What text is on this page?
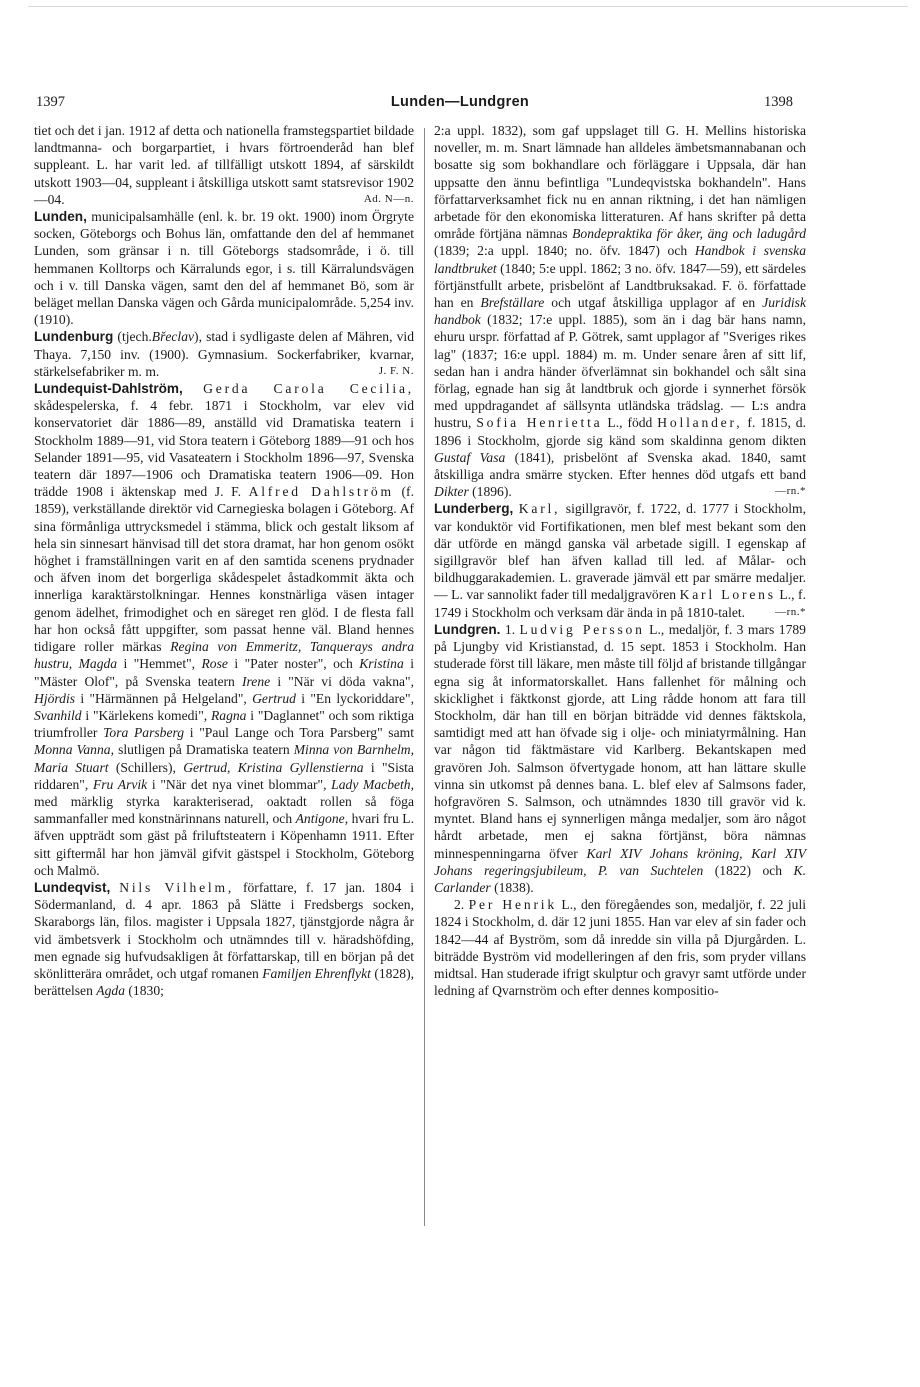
1397	Lunden—Lundgren	1398

tiet och det i jan. 1912 af detta och nationella framstegspartiet bildade landtmanna- och borgarpartiet, i hvars förtroenderåd han blef suppleant. L. har varit led. af tillfälligt utskott 1894, af särskildt utskott 1903—04, suppleant i åtskilliga utskott samt statsrevisor 1902—04.	Ad. N—n.

Lunden, municipalsamhälle (enl. k. br. 19 okt. 1900) inom Örgryte socken, Göteborgs och Bohus län, omfattande den del af hemmanet Lunden, som gränsar i n. till Göteborgs stadsområde, i ö. till hemmanen Kolltorps och Kärralunds egor, i s. till Kärralundsvägen och i v. till Danska vägen, samt den del af hemmanet Bö, som är beläget mellan Danska vägen och Gårda municipalområde. 5,254 inv. (1910).

Lundenburg (tjech.Břeclav), stad i sydligaste delen af Mähren, vid Thaya. 7,150 inv. (1900). Gymnasium. Sockerfabriker, kvarnar, stärkelsefabriker m. m.	J. F. N.

Lundequist-Dahlström, Gerda Carola Cecilia, skådespelerska, f. 4 febr. 1871 i Stockholm, var elev vid konservatoriet där 1886—89, anställd vid Dramatiska teatern i Stockholm 1889—91, vid Stora teatern i Göteborg 1889—91 och hos Selander 1891—95, vid Vasateatern i Stockholm 1896—97, Svenska teatern där 1897—1906 och Dramatiska teatern 1906—09. Hon trädde 1908 i äktenskap med J. F. Alfred Dahlström (f. 1859), verkställande direktör vid Carnegieska bolagen i Göteborg. Af sina förmånliga uttrycksmedel i stämma, blick och gestalt liksom af hela sin sinnesart hänvisad till det stora dramat, har hon genom osökt höghet i framställningen varit en af den samtida scenens prydnader och äfven inom det borgerliga skådespelet åstadkommit äkta och innerliga karaktärstolkningar. Hennes konstnärliga väsen intager genom ädelhet, frimodighet och en säreget ren glöd. I de flesta fall har hon också fått uppgifter, som passat henne väl. Bland hennes tidigare roller märkas Regina von Emmeritz, Tanquerays andra hustru, Magda i "Hemmet", Rose i "Pater noster", och Kristina i "Mäster Olof", på Svenska teatern Irene i "När vi döda vakna", Hjördis i "Härmännen på Helgeland", Gertrud i "En lyckoriddare", Svanhild i "Kärlekens komedi", Ragna i "Daglannet" och som riktiga triumfroller Tora Parsberg i "Paul Lange och Tora Parsberg" samt Monna Vanna, slutligen på Dramatiska teatern Minna von Barnhelm, Maria Stuart (Schillers), Gertrud, Kristina Gyllenstierna i "Sista riddaren", Fru Arvik i "När det nya vinet blommar", Lady Macbeth, med märklig styrka karakteriserad, oaktadt rollen så föga sammanfaller med konstnärinnans naturell, och Antigone, hvari fru L. äfven uppträdt som gäst på friluftsteatern i Köpenhamn 1911. Efter sitt giftermål har hon jämväl gifvit gästspel i Stockholm, Göteborg och Malmö.

Lundeqvist, Nils Vilhelm, författare, f. 17 jan. 1804 i Södermanland, d. 4 apr. 1863 på Slätte i Fredsbergs socken, Skaraborgs län, filos. magister i Uppsala 1827, tjänstgjorde några år vid ämbetsverk i Stockholm och utnämndes till v. häradshöfding, men egnade sig hufvudsakligen åt författarskap, till en början på det skönlitterära området, och utgaf romanen Familjen Ehrenflykt (1828), berättelsen Agda (1830;

2:a uppl. 1832), som gaf uppslaget till G. H. Mellins historiska noveller, m. m. Snart lämnade han alldeles ämbetsmannabanan och bosatte sig som bokhandlare och förläggare i Uppsala, där han uppsatte den ännu befintliga "Lundeqvistska bokhandeln". Hans författarverksamhet fick nu en annan riktning, i det han nämligen arbetade för den ekonomiska litteraturen. Af hans skrifter på detta område förtjäna nämnas Bondepraktika för åker, äng och ladugård (1839; 2:a uppl. 1840; no. öfv. 1847) och Handbok i svenska landtbruket (1840; 5:e uppl. 1862; 3 no. öfv. 1847—59), ett särdeles förtjänstfullt arbete, prisbelönt af Landtbruksakad. F. ö. författade han en Brefställare och utgaf åtskilliga upplagor af en Juridisk handbok (1832; 17:e uppl. 1885), som än i dag bär hans namn, ehuru urspr. författad af P. Götrek, samt upplagor af "Sveriges rikes lag" (1837; 16:e uppl. 1884) m. m. Under senare åren af sitt lif, sedan han i andra händer öfverlämnat sin bokhandel och sålt sina förlag, egnade han sig åt landtbruk och gjorde i synnerhet försök med uppdragandet af sällsynta utländska trädslag. — L:s andra hustru, Sofia Henrietta L., född Hollander, f. 1815, d. 1896 i Stockholm, gjorde sig känd som skaldinna genom dikten Gustaf Vasa (1841), prisbelönt af Svenska akad. 1840, samt åtskilliga andra smärre stycken. Efter hennes död utgafs ett band Dikter (1896).	—rn.*

Lunderberg, Karl, sigillgravör, f. 1722, d. 1777 i Stockholm, var konduktör vid Fortifikationen, men blef mest bekant som den där utförde en mängd ganska väl arbetade sigill. I egenskap af sigillgravör blef han äfven kallad till led. af Målar- och bildhuggarakademien. L. graverade jämväl ett par smärre medaljer. — L. var sannolikt fader till medaljgravören Karl Lorens L., f. 1749 i Stockholm och verksam där ända in på 1810-talet.	—rn.*

Lundgren. 1. Ludvig Persson L., medaljör, f. 3 mars 1789 på Ljungby vid Kristianstad, d. 15 sept. 1853 i Stockholm. Han studerade först till läkare, men måste till följd af bristande tillgångar egna sig åt informatorskallet. Hans fallenhet för målning och skicklighet i fäktkonst gjorde, att Ling rådde honom att fara till Stockholm, där han till en början biträdde vid dennes fäktskola, samtidigt med att han öfvade sig i olje- och miniatyrmålning. Han var någon tid fäktmästare vid Karlberg. Bekantskapen med gravören Joh. Salmson öfvertygade honom, att han lättare skulle vinna sin utkomst på dennes bana. L. blef elev af Salmsons fader, hofgravören S. Salmson, och utnämndes 1830 till gravör vid k. myntet. Bland hans ej synnerligen många medaljer, som äro något hårdt arbetade, men ej sakna förtjänst, böra nämnas minnespenningarna öfver Karl XIV Johans kröning, Karl XIV Johans regeringsjubileum, P. van Suchtelen (1822) och K. Carlander (1838).

2. Per Henrik L., den föregåendes son, medaljör, f. 22 juli 1824 i Stockholm, d. där 12 juni 1855. Han var elev af sin fader och 1842—44 af Byström, som då inredde sin villa på Djurgården. L. biträdde Byström vid modelleringen af den fris, som pryder villans midtsal. Han studerade ifrigt skulptur och gravyr samt utförde under ledning af Qvarnström och efter dennes kompositio-
